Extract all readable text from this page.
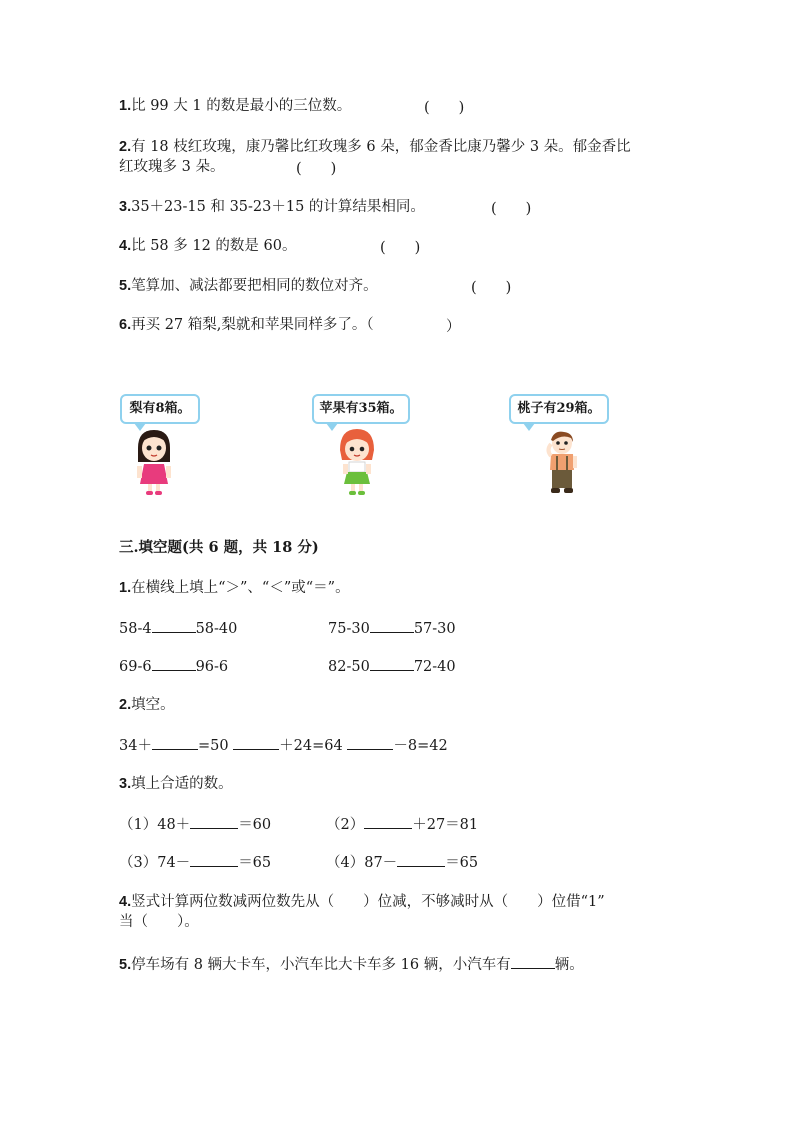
1.比 99 大 1 的数是最小的三位数。	(　　)
2.有 18 枝红玫瑰，康乃馨比红玫瑰多 6 朵，郁金香比康乃馨少 3 朵。郁金香比
红玫瑰多 3 朵。	(　　)
3.35＋23-15 和 35-23＋15 的计算结果相同。	(　　)
4.比 58 多 12 的数是 60。	(　　)
5.笔算加、减法都要把相同的数位对齐。	(　　)
6.再买 27 箱梨,梨就和苹果同样多了。（	）
梨有8箱。	苹果有35箱。	桃子有29箱。
三.填空题(共 6 题，共 18 分)
1.在横线上填上“＞”、“＜”或“＝”。
58-4	58-40	75-30	57-30
69-6	96-6	82-50	72-40
2.填空。
34＋	=50	＋24=64	－8=42
3.填上合适的数。
（1）48＋	＝60	（2）	＋27＝81
（3）74－	＝65	（4）87－	＝65
4.竖式计算两位数减两位数先从（　　）位减，不够减时从（　　）位借“1”
当（　　）。
5.停车场有 8 辆大卡车，小汽车比大卡车多 16 辆，小汽车有	辆。
